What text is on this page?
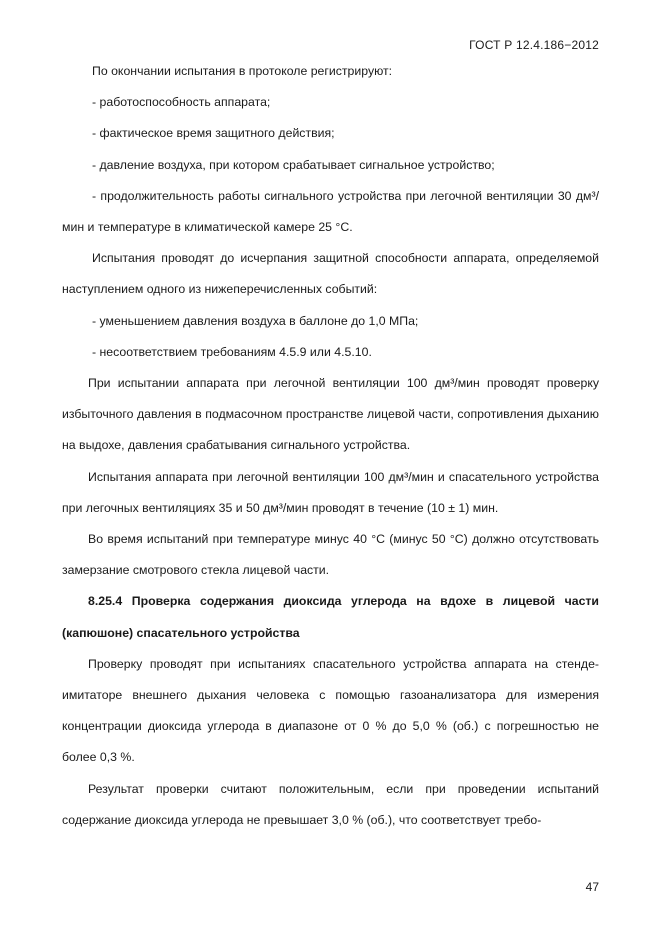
ГОСТ Р 12.4.186−2012

По окончании испытания в протоколе регистрируют:

- работоспособность аппарата;

- фактическое время защитного действия;

- давление воздуха, при котором срабатывает сигнальное устройство;

- продолжительность работы сигнального устройства при легочной вентиляции 30 дм³/мин и температуре в климатической камере 25 °С.

Испытания проводят до исчерпания защитной способности аппарата, определяемой наступлением одного из нижеперечисленных событий:

- уменьшением давления воздуха в баллоне до 1,0 МПа;

- несоответствием требованиям 4.5.9 или 4.5.10.

При испытании аппарата при легочной вентиляции 100 дм³/мин проводят проверку избыточного давления в подмасочном пространстве лицевой части, сопротивления дыханию на выдохе, давления срабатывания сигнального устройства.

Испытания аппарата при легочной вентиляции 100 дм³/мин и спасательного устройства при легочных вентиляциях 35 и 50 дм³/мин проводят в течение (10 ± 1) мин.

Во время испытаний при температуре минус 40 °С (минус 50 °С) должно отсутствовать замерзание смотрового стекла лицевой части.

8.25.4 Проверка содержания диоксида углерода на вдохе в лицевой части (капюшоне) спасательного устройства

Проверку проводят при испытаниях спасательного устройства аппарата на стенде-имитаторе внешнего дыхания человека с помощью газоанализатора для измерения концентрации диоксида углерода в диапазоне от 0 % до 5,0 % (об.) с погрешностью не более 0,3 %.

Результат проверки считают положительным, если при проведении испытаний содержание диоксида углерода не превышает 3,0 % (об.), что соответствует требо-

47
